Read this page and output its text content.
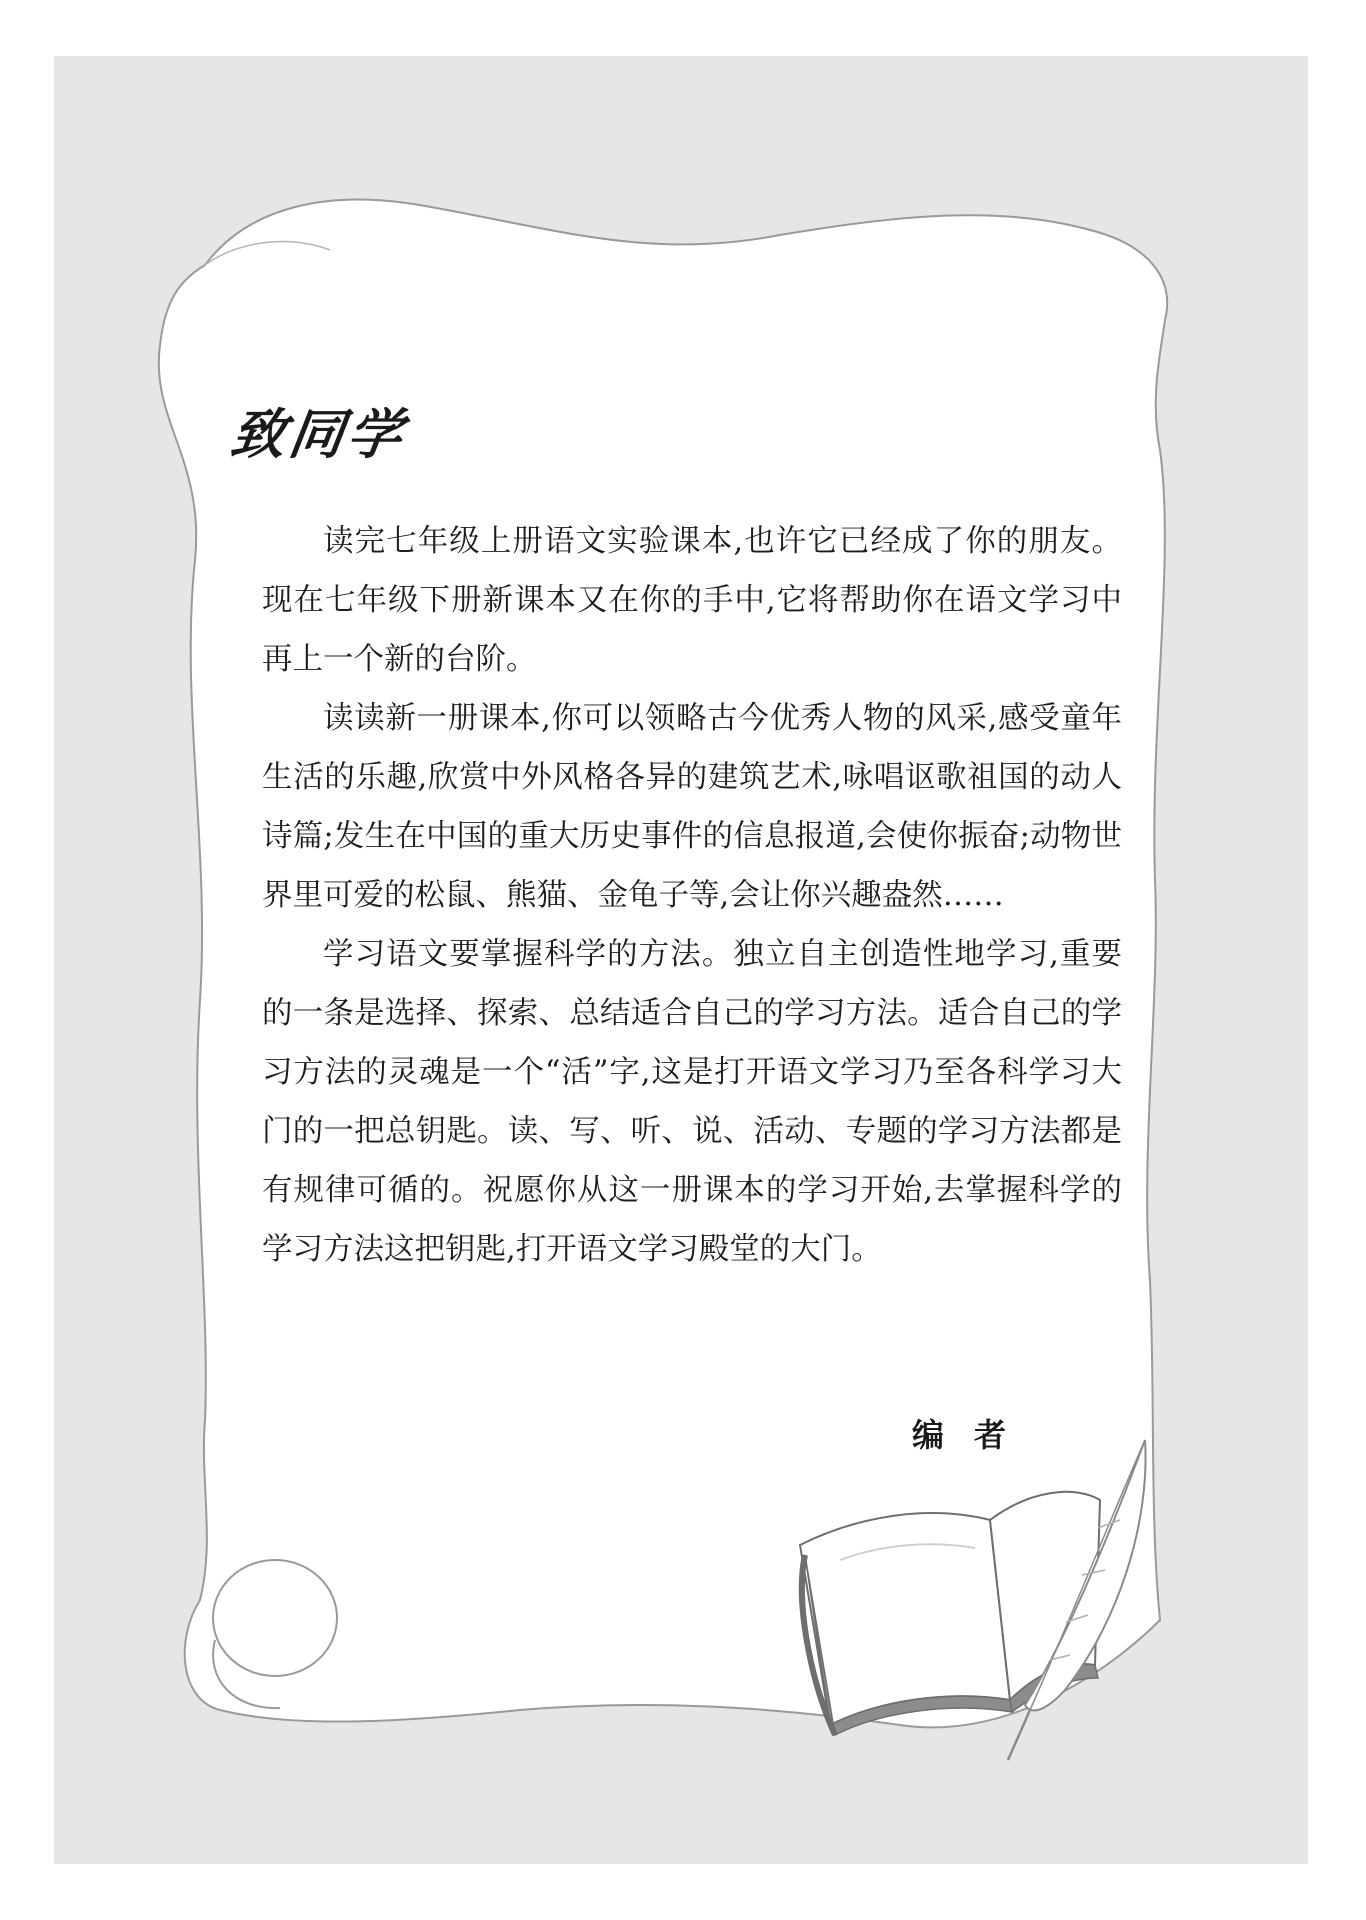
致同学

读完七年级上册语文实验课本,也许它已经成了你的朋友。现在七年级下册新课本又在你的手中,它将帮助你在语文学习中再上一个新的台阶。

读读新一册课本,你可以领略古今优秀人物的风采,感受童年生活的乐趣,欣赏中外风格各异的建筑艺术,咏唱讴歌祖国的动人诗篇;发生在中国的重大历史事件的信息报道,会使你振奋;动物世界里可爱的松鼠、熊猫、金龟子等,会让你兴趣盎然……

学习语文要掌握科学的方法。独立自主创造性地学习,重要的一条是选择、探索、总结适合自己的学习方法。适合自己的学习方法的灵魂是一个“活”字,这是打开语文学习乃至各科学习大门的一把总钥匙。读、写、听、说、活动、专题的学习方法都是有规律可循的。祝愿你从这一册课本的学习开始,去掌握科学的学习方法这把钥匙,打开语文学习殿堂的大门。

编者
